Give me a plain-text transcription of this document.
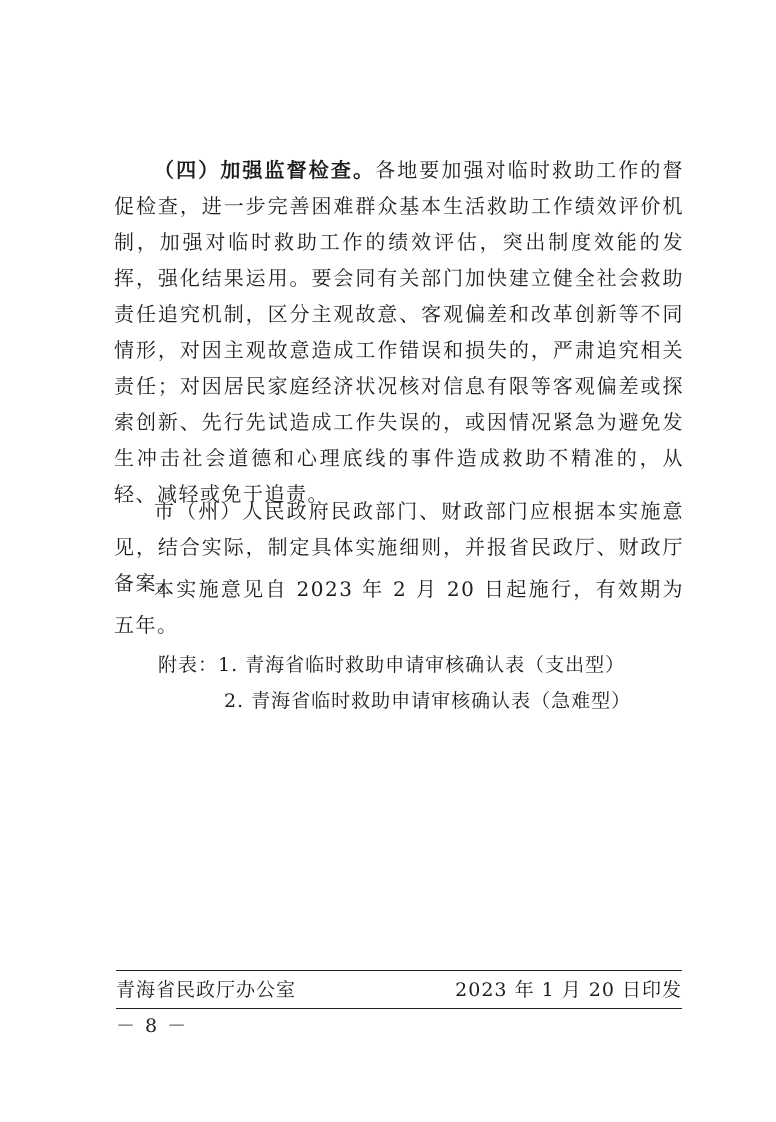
（四）加强监督检查。各地要加强对临时救助工作的督促检查，进一步完善困难群众基本生活救助工作绩效评价机制，加强对临时救助工作的绩效评估，突出制度效能的发挥，强化结果运用。要会同有关部门加快建立健全社会救助责任追究机制，区分主观故意、客观偏差和改革创新等不同情形，对因主观故意造成工作错误和损失的，严肃追究相关责任；对因居民家庭经济状况核对信息有限等客观偏差或探索创新、先行先试造成工作失误的，或因情况紧急为避免发生冲击社会道德和心理底线的事件造成救助不精准的，从轻、减轻或免于追责。

市（州）人民政府民政部门、财政部门应根据本实施意见，结合实际，制定具体实施细则，并报省民政厅、财政厅备案。

本实施意见自 2023 年 2 月 20 日起施行，有效期为五年。

附表：1. 青海省临时救助申请审核确认表（支出型）
2. 青海省临时救助申请审核确认表（急难型）
青海省民政厅办公室	2023 年 1 月 20 日印发
－ 8 －
